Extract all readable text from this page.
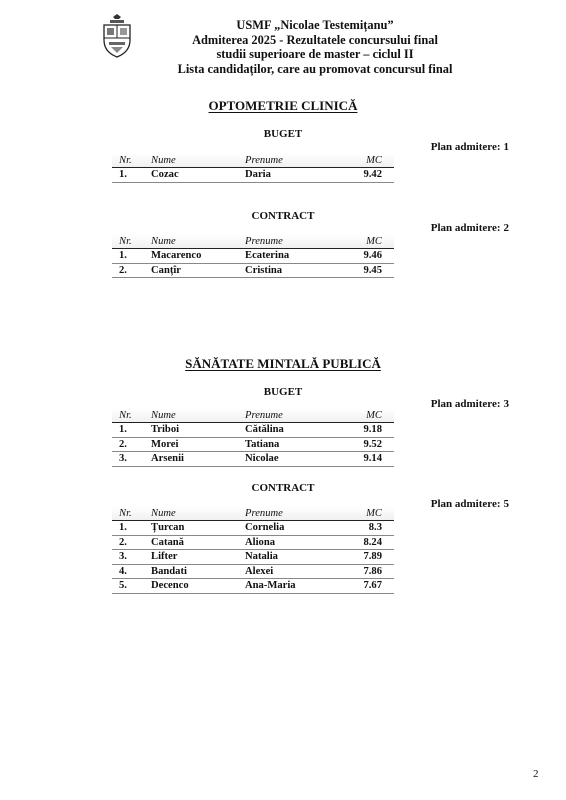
USMF „Nicolae Testemițanu”
Admiterea 2025 - Rezultatele concursului final
studii superioare de master – ciclul II
Lista candidaților, care au promovat concursul final
OPTOMETRIE CLINICĂ
BUGET
Plan admitere: 1
Nr. Nume	Prenume	MC
1. Cozac	Daria	9.42
CONTRACT
Plan admitere: 2
Nr. Nume	Prenume	MC
1. Macarenco	Ecaterina	9.46
2. Canțîr	Cristina	9.45
SĂNĂTATE MINTALĂ PUBLICĂ
BUGET
Plan admitere: 3
Nr. Nume	Prenume	MC
1. Triboi	Cătălina	9.18
2. Morei	Tatiana	9.52
3. Arsenii	Nicolae	9.14
CONTRACT
Plan admitere: 5
Nr. Nume	Prenume	MC
1. Țurcan	Cornelia	8.3
2. Catană	Aliona	8.24
3. Lifter	Natalia	7.89
4. Bandati	Alexei	7.86
5. Decenco	Ana-Maria	7.67
2
